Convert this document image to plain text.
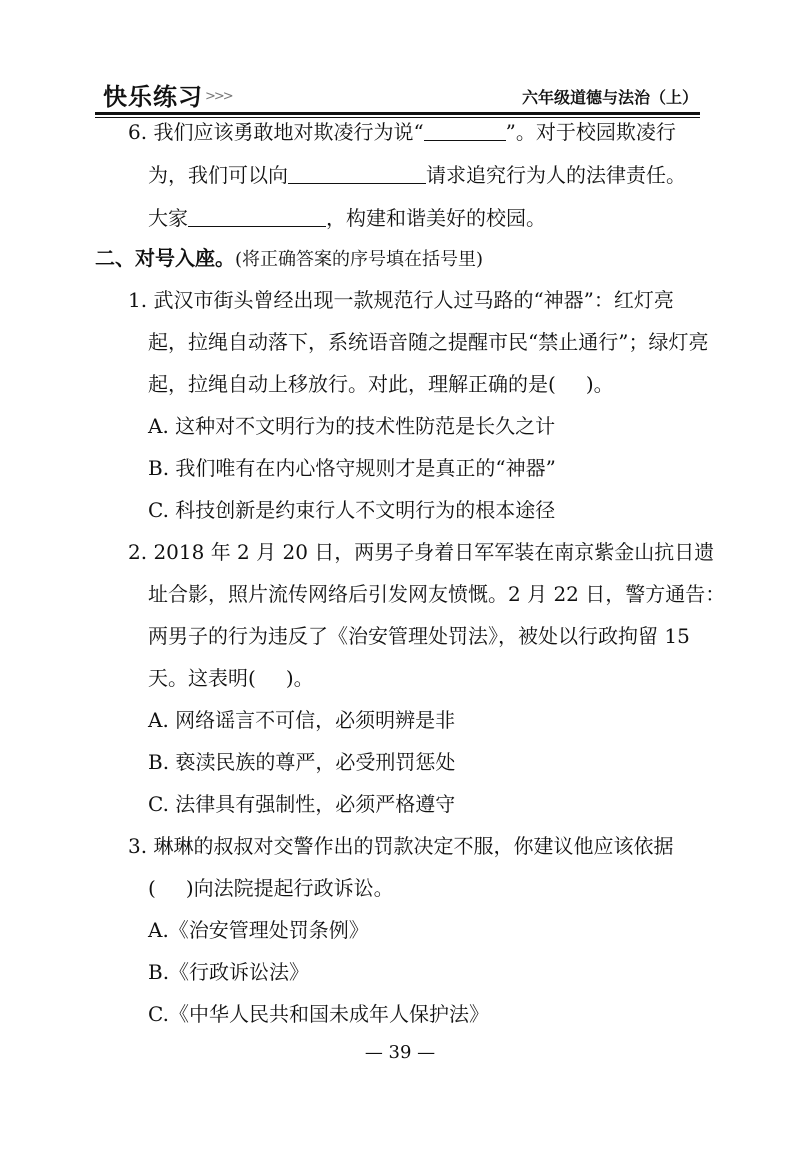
快乐练习 >>>	六年级道德与法治（上）
6. 我们应该勇敢地对欺凌行为说“	”。对于校园欺凌行
为，我们可以向	请求追究行为人的法律责任。
大家	，构建和谐美好的校园。
二、对号入座。(将正确答案的序号填在括号里)
1. 武汉市街头曾经出现一款规范行人过马路的“神器”：红灯亮
起，拉绳自动落下，系统语音随之提醒市民“禁止通行”；绿灯亮
起，拉绳自动上移放行。对此，理解正确的是( )。
A. 这种对不文明行为的技术性防范是长久之计
B. 我们唯有在内心恪守规则才是真正的“神器”
C. 科技创新是约束行人不文明行为的根本途径
2. 2018 年 2 月 20 日，两男子身着日军军装在南京紫金山抗日遗
址合影，照片流传网络后引发网友愤慨。2 月 22 日，警方通告：
两男子的行为违反了《治安管理处罚法》，被处以行政拘留 15
天。这表明( )。
A. 网络谣言不可信，必须明辨是非
B. 亵渎民族的尊严，必受刑罚惩处
C. 法律具有强制性，必须严格遵守
3. 琳琳的叔叔对交警作出的罚款决定不服，你建议他应该依据
( )向法院提起行政诉讼。
A.《治安管理处罚条例》
B.《行政诉讼法》
C.《中华人民共和国未成年人保护法》
— 39 —
